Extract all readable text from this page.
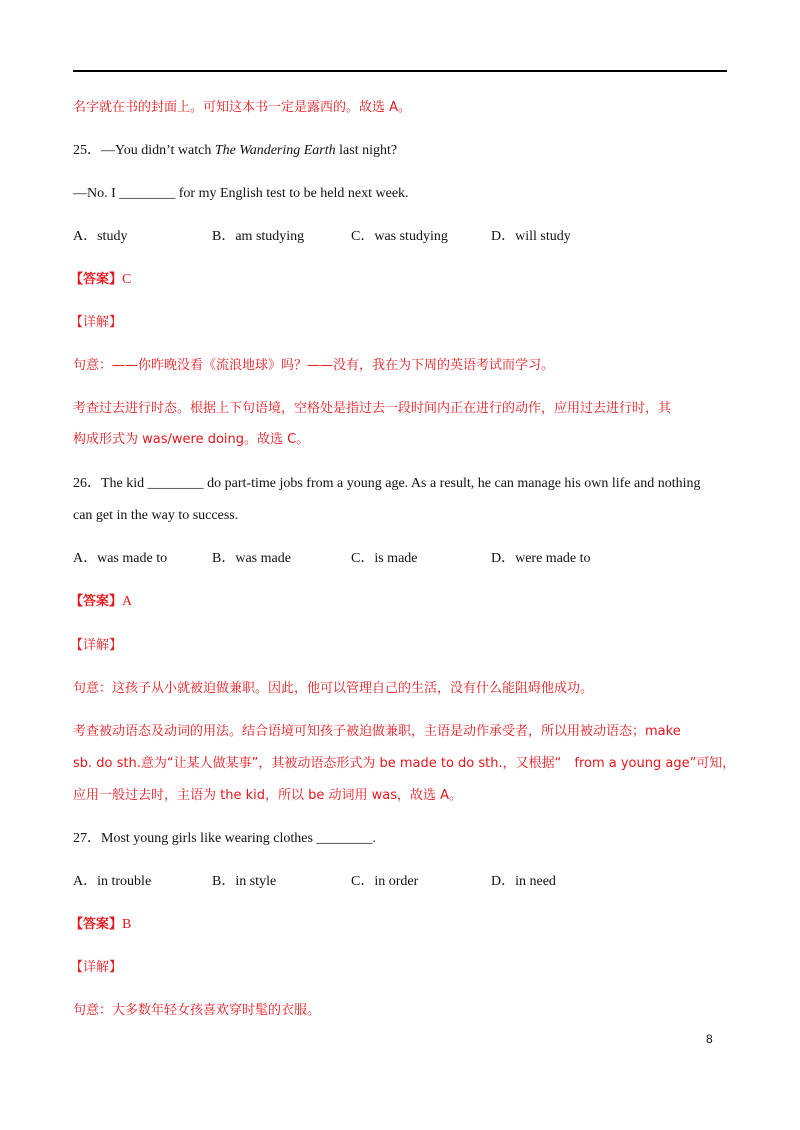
名字就在书的封面上。可知这本书一定是露西的。故选 A。
25．—You didn’t watch The Wandering Earth last night?
—No. I ________ for my English test to be held next week.
A．study	B．am studying	C．was studying	D．will study
【答案】C
【详解】
句意：——你昨晚没看《流浪地球》吗？——没有，我在为下周的英语考试而学习。
考查过去进行时态。根据上下句语境，空格处是指过去一段时间内正在进行的动作，应用过去进行时，其
构成形式为 was/were doing。故选 C。
26．The kid ________ do part-time jobs from a young age. As a result, he can manage his own life and nothing
can get in the way to success.
A．was made to	B．was made	C．is made	D．were made to
【答案】A
【详解】
句意：这孩子从小就被迫做兼职。因此，他可以管理自己的生活，没有什么能阻碍他成功。
考查被动语态及动词的用法。结合语境可知孩子被迫做兼职，主语是动作承受者，所以用被动语态；make
sb. do sth.意为“让某人做某事”，其被动语态形式为 be made to do sth.，又根据“　from a young age”可知，
应用一般过去时，主语为 the kid，所以 be 动词用 was，故选 A。
27．Most young girls like wearing clothes ________.
A．in trouble	B．in style	C．in order	D．in need
【答案】B
【详解】
句意：大多数年轻女孩喜欢穿时髦的衣服。
8
